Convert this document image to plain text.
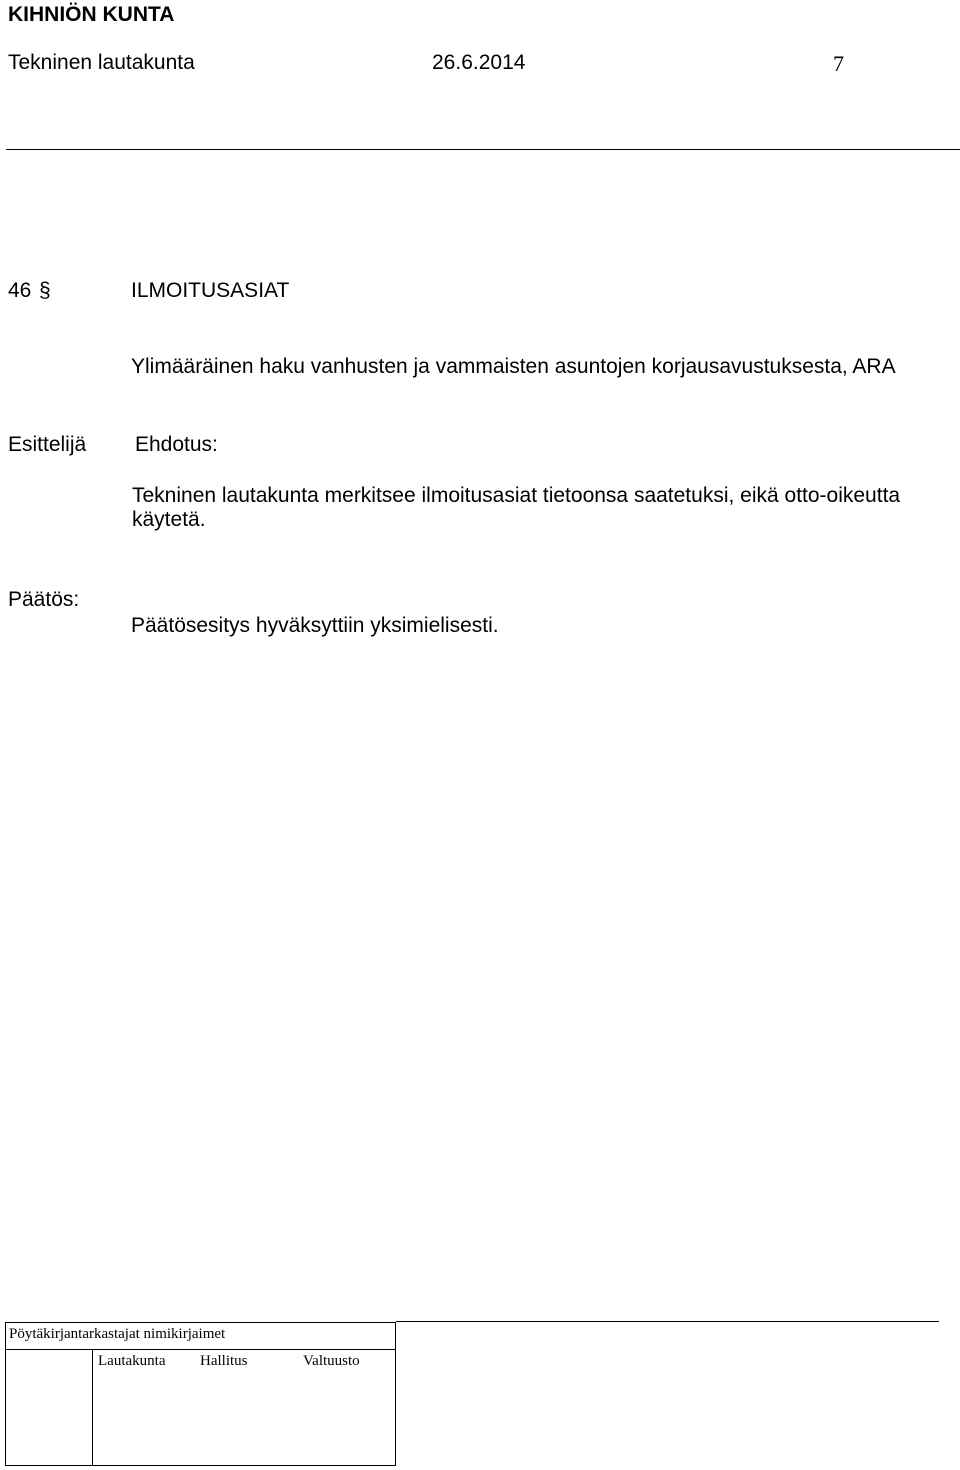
KIHNIÖN KUNTA
Tekninen lautakunta	26.6.2014	7
46 §	ILMOITUSASIAT
Ylimääräinen haku vanhusten ja vammaisten asuntojen korjausavustuksesta, ARA
Esittelijä Ehdotus:
Tekninen lautakunta merkitsee ilmoitusasiat tietoonsa saatetuksi, eikä otto-oikeutta käytetä.
Päätös:
Päätösesitys hyväksyttiin yksimielisesti.
Pöytäkirjantarkastajat nimikirjaimet
Lautakunta Hallitus	Valtuusto
